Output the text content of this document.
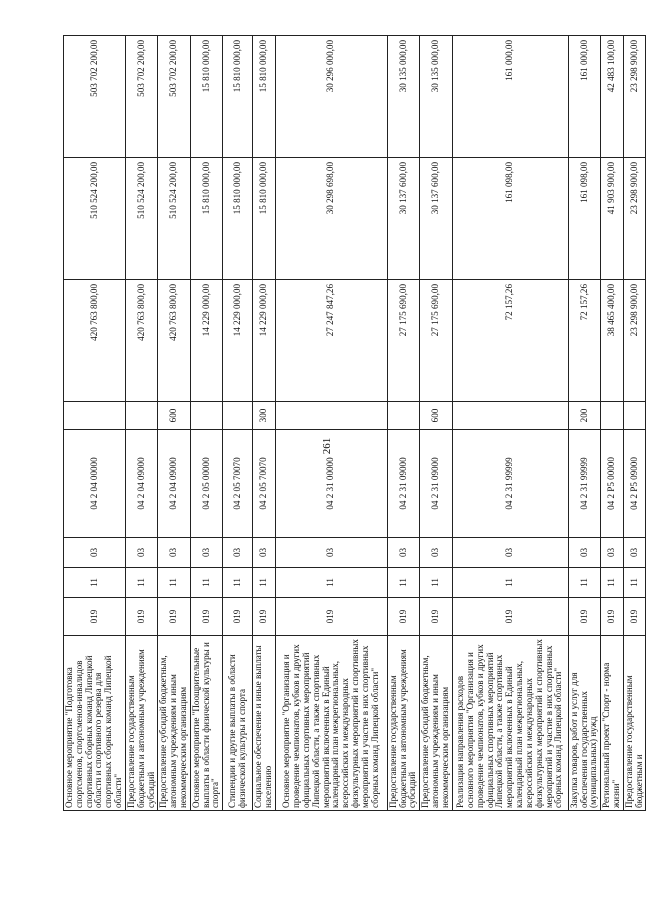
261
Основное мероприятие "Подготовка спортсменов, спортсменов-инвалидов спортивных сборных команд Липецкой области и спортивного резерва для спортивных сборных команд Липецкой области"	019	11	03	04 2 04 00000		420 763 800,00	510 524 200,00	503 702 200,00
Предоставление государственным бюджетным и автономным учреждениям субсидий	019	11	03	04 2 04 09000		420 763 800,00	510 524 200,00	503 702 200,00
Предоставление субсидий бюджетным, автономным учреждениям и иным некоммерческим организациям	019	11	03	04 2 04 09000	600	420 763 800,00	510 524 200,00	503 702 200,00
Основное мероприятие "Поощрительные выплаты в области физической культуры и спорта"	019	11	03	04 2 05 00000		14 229 000,00	15 810 000,00	15 810 000,00
Стипендии и другие выплаты в области физической культуры и спорта	019	11	03	04 2 05 70070		14 229 000,00	15 810 000,00	15 810 000,00
Социальное обеспечение и иные выплаты населению	019	11	03	04 2 05 70070	300	14 229 000,00	15 810 000,00	15 810 000,00
Основное мероприятие "Организация и проведение чемпионатов, кубков и других официальных спортивных мероприятий Липецкой области, а также спортивных мероприятий включенных в Единый календарный план межрегиональных, всероссийских и международных физкультурных мероприятий и спортивных мероприятий и участие в них спортивных сборных команд Липецкой области"	019	11	03	04 2 31 00000		27 247 847,26	30 298 698,00	30 296 000,00
Предоставление государственным бюджетным и автономным учреждениям субсидий	019	11	03	04 2 31 09000		27 175 690,00	30 137 600,00	30 135 000,00
Предоставление субсидий бюджетным, автономным учреждениям и иным некоммерческим организациям	019	11	03	04 2 31 09000	600	27 175 690,00	30 137 600,00	30 135 000,00
Реализация направления расходов основного мероприятия "Организация и проведение чемпионатов, кубков и других официальных спортивных мероприятий Липецкой области, а также спортивных мероприятий включенных в Единый календарный план межрегиональных, всероссийских и международных физкультурных мероприятий и спортивных мероприятий и участие в них спортивных сборных команд Липецкой области"	019	11	03	04 2 31 99999		72 157,26	161 098,00	161 000,00
Закупка товаров, работ и услуг для обеспечения государственных (муниципальных) нужд	019	11	03	04 2 31 99999	200	72 157,26	161 098,00	161 000,00
Региональный проект "Спорт - норма жизни"	019	11	03	04 2 P5 00000		38 465 400,00	41 903 900,00	42 483 100,00
Предоставление государственным бюджетным и	019	11	03	04 2 P5 09000		23 298 900,00	23 298 900,00	23 298 900,00
